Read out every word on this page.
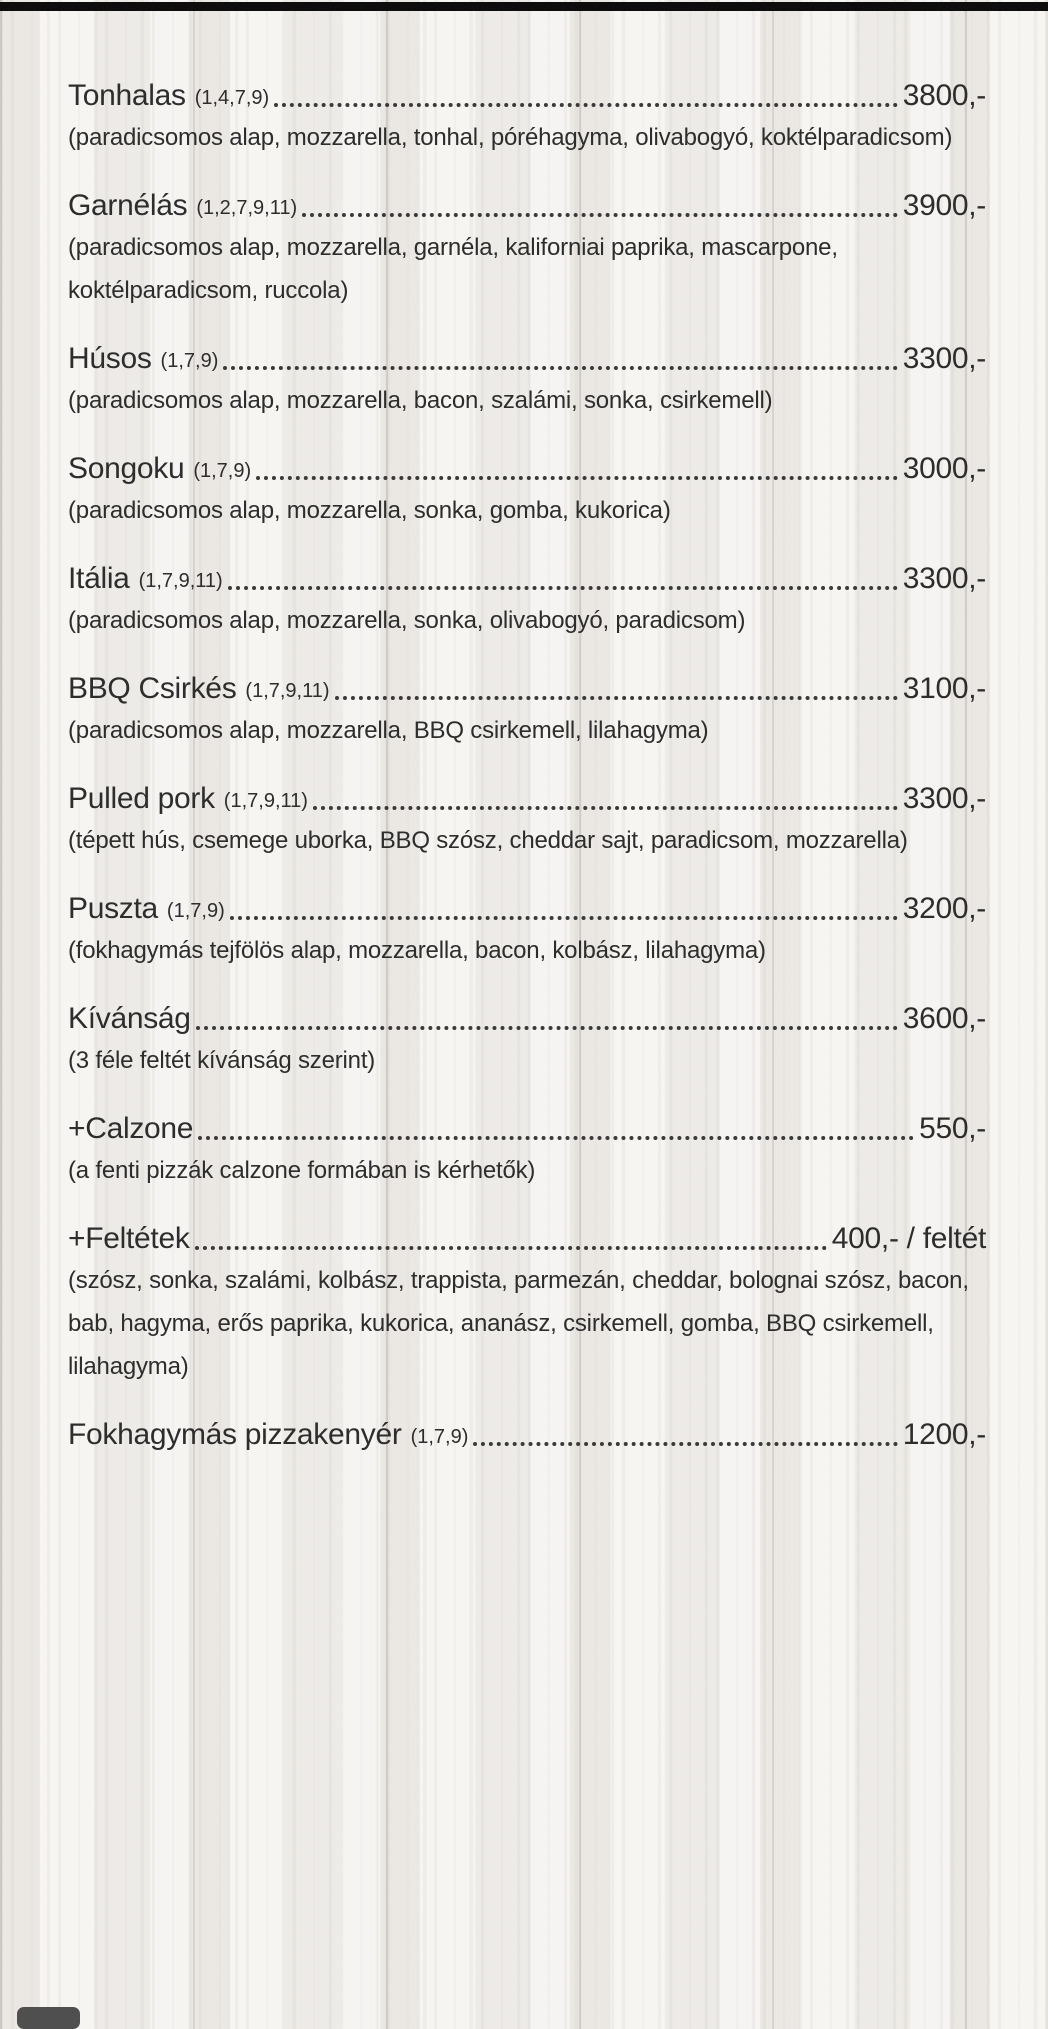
Tonhalas (1,4,7,9)	3800,-
(paradicsomos alap, mozzarella, tonhal, póréhagyma, olivabogyó, koktélparadicsom)
Garnélás (1,2,7,9,11)	3900,-
(paradicsomos alap, mozzarella, garnéla, kaliforniai paprika, mascarpone, koktélparadicsom, ruccola)
Húsos (1,7,9)	3300,-
(paradicsomos alap, mozzarella, bacon, szalámi, sonka, csirkemell)
Songoku (1,7,9)	3000,-
(paradicsomos alap, mozzarella, sonka, gomba, kukorica)
Itália (1,7,9,11)	3300,-
(paradicsomos alap, mozzarella, sonka, olivabogyó, paradicsom)
BBQ Csirkés (1,7,9,11)	3100,-
(paradicsomos alap, mozzarella, BBQ csirkemell, lilahagyma)
Pulled pork (1,7,9,11)	3300,-
(tépett hús, csemege uborka, BBQ szósz, cheddar sajt, paradicsom, mozzarella)
Puszta (1,7,9)	3200,-
(fokhagymás tejfölös alap, mozzarella, bacon, kolbász, lilahagyma)
Kívánság	3600,-
(3 féle feltét kívánság szerint)
+Calzone	550,-
(a fenti pizzák calzone formában is kérhetők)
+Feltétek	400,- / feltét
(szósz, sonka, szalámi, kolbász, trappista, parmezán, cheddar, bolognai szósz, bacon, bab, hagyma, erős paprika, kukorica, ananász, csirkemell, gomba, BBQ csirkemell, lilahagyma)
Fokhagymás pizzakenyér (1,7,9)	1200,-
